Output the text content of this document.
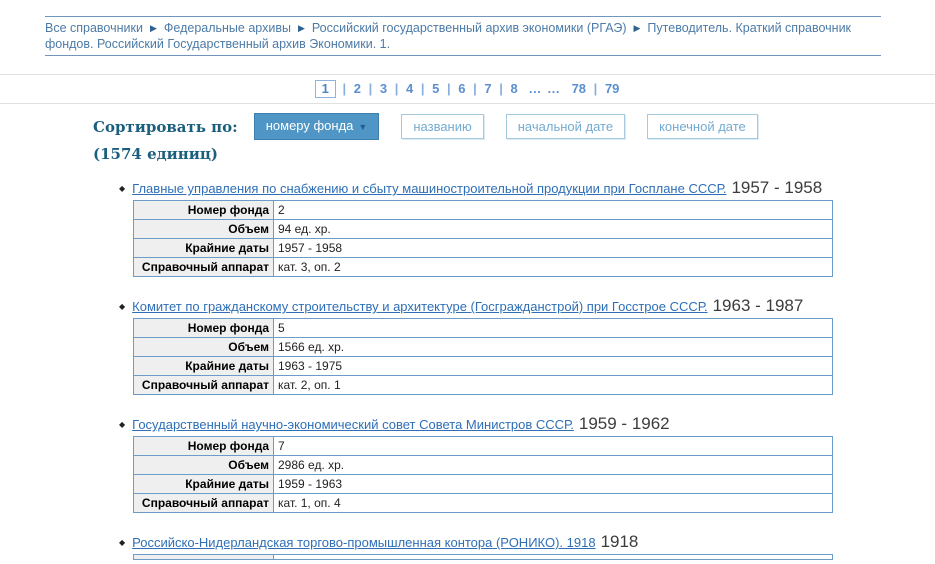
Все справочники ▶ Федеральные архивы ▶ Российский государственный архив экономики (РГАЭ) ▶ Путеводитель. Краткий справочник фондов. Российский Государственный архив Экономики. 1.
1 | 2 | 3 | 4 | 5 | 6 | 7 | 8 … … 78 | 79
Сортировать по:	номеру фонда ▼	названию	начальной дате	конечной дате
(1574 единиц)
◆ Главные управления по снабжению и сбыту машиностроительной продукции при Госплане СССР. 1957 - 1958
Номер фонда	2
Объем	94 ед. хр.
Крайние даты	1957 - 1958
Справочный аппарат	кат. 3, оп. 2
◆ Комитет по гражданскому строительству и архитектуре (Госгражданстрой) при Госстрое СССР. 1963 - 1987
Номер фонда	5
Объем	1566 ед. хр.
Крайние даты	1963 - 1975
Справочный аппарат	кат. 2, оп. 1
◆ Государственный научно-экономический совет Совета Министров СССР. 1959 - 1962
Номер фонда	7
Объем	2986 ед. хр.
Крайние даты	1959 - 1963
Справочный аппарат	кат. 1, оп. 4
◆ Российско-Нидерландская торгово-промышленная контора (РОНИКО). 1918 1918
